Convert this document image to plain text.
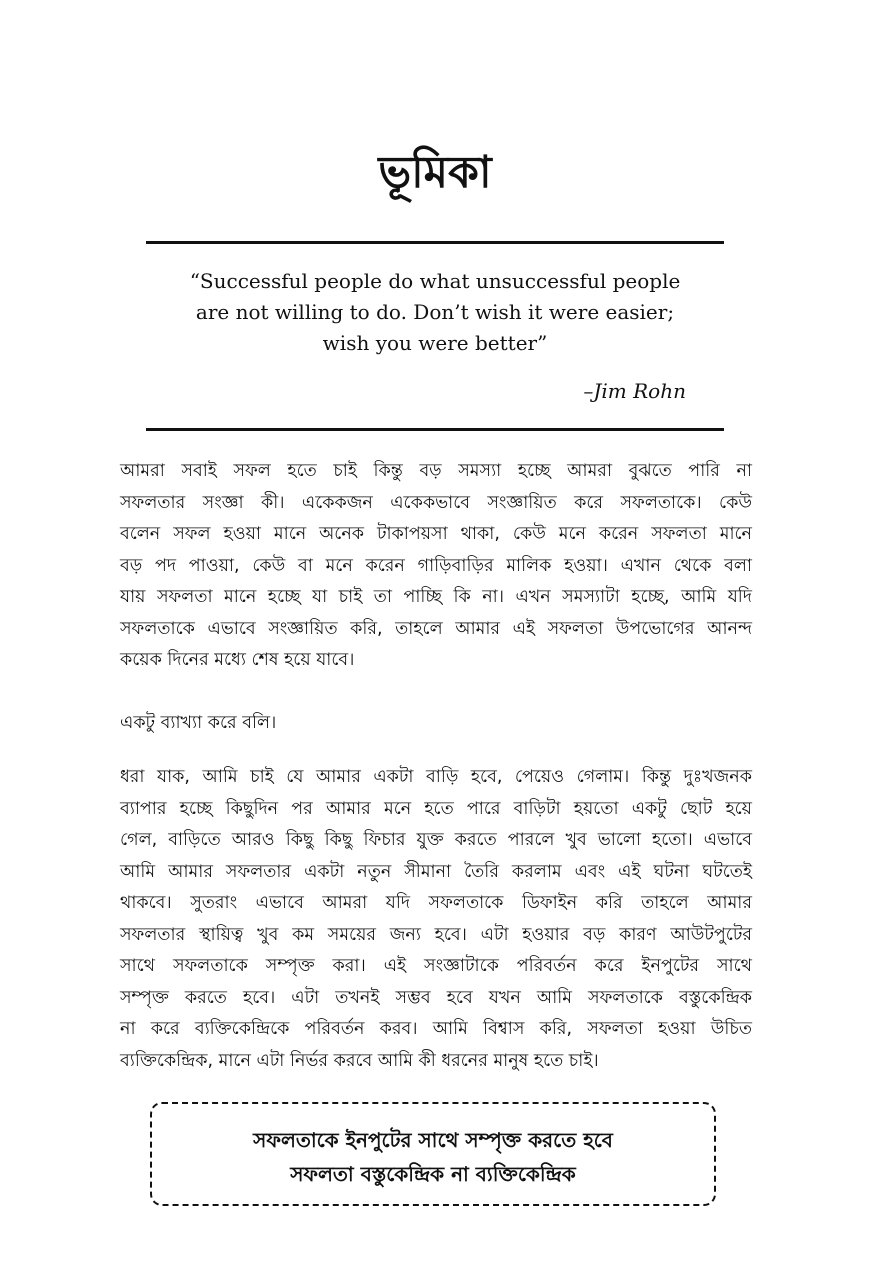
ভূমিকা

“Successful people do what unsuccessful people
are not willing to do. Don’t wish it were easier;
wish you were better”

–Jim Rohn

আমরা সবাই সফল হতে চাই কিন্তু বড় সমস্যা হচ্ছে আমরা বুঝতে পারি না
সফলতার সংজ্ঞা কী। একেকজন একেকভাবে সংজ্ঞায়িত করে সফলতাকে। কেউ
বলেন সফল হওয়া মানে অনেক টাকাপয়সা থাকা, কেউ মনে করেন সফলতা মানে
বড় পদ পাওয়া, কেউ বা মনে করেন গাড়িবাড়ির মালিক হওয়া। এখান থেকে বলা
যায় সফলতা মানে হচ্ছে যা চাই তা পাচ্ছি কি না। এখন সমস্যাটা হচ্ছে, আমি যদি
সফলতাকে এভাবে সংজ্ঞায়িত করি, তাহলে আমার এই সফলতা উপভোগের আনন্দ
কয়েক দিনের মধ্যে শেষ হয়ে যাবে।

একটু ব্যাখ্যা করে বলি।

ধরা যাক, আমি চাই যে আমার একটা বাড়ি হবে, পেয়েও গেলাম। কিন্তু দুঃখজনক
ব্যাপার হচ্ছে কিছুদিন পর আমার মনে হতে পারে বাড়িটা হয়তো একটু ছোট হয়ে
গেল, বাড়িতে আরও কিছু কিছু ফিচার যুক্ত করতে পারলে খুব ভালো হতো। এভাবে
আমি আমার সফলতার একটা নতুন সীমানা তৈরি করলাম এবং এই ঘটনা ঘটতেই
থাকবে। সুতরাং এভাবে আমরা যদি সফলতাকে ডিফাইন করি তাহলে আমার
সফলতার স্থায়িত্ব খুব কম সময়ের জন্য হবে। এটা হওয়ার বড় কারণ আউটপুটের
সাথে সফলতাকে সম্পৃক্ত করা। এই সংজ্ঞাটাকে পরিবর্তন করে ইনপুটের সাথে
সম্পৃক্ত করতে হবে। এটা তখনই সম্ভব হবে যখন আমি সফলতাকে বস্তুকেন্দ্রিক
না করে ব্যক্তিকেন্দ্রিকে পরিবর্তন করব। আমি বিশ্বাস করি, সফলতা হওয়া উচিত
ব্যক্তিকেন্দ্রিক, মানে এটা নির্ভর করবে আমি কী ধরনের মানুষ হতে চাই।

সফলতাকে ইনপুটের সাথে সম্পৃক্ত করতে হবে
সফলতা বস্তুকেন্দ্রিক না ব্যক্তিকেন্দ্রিক
